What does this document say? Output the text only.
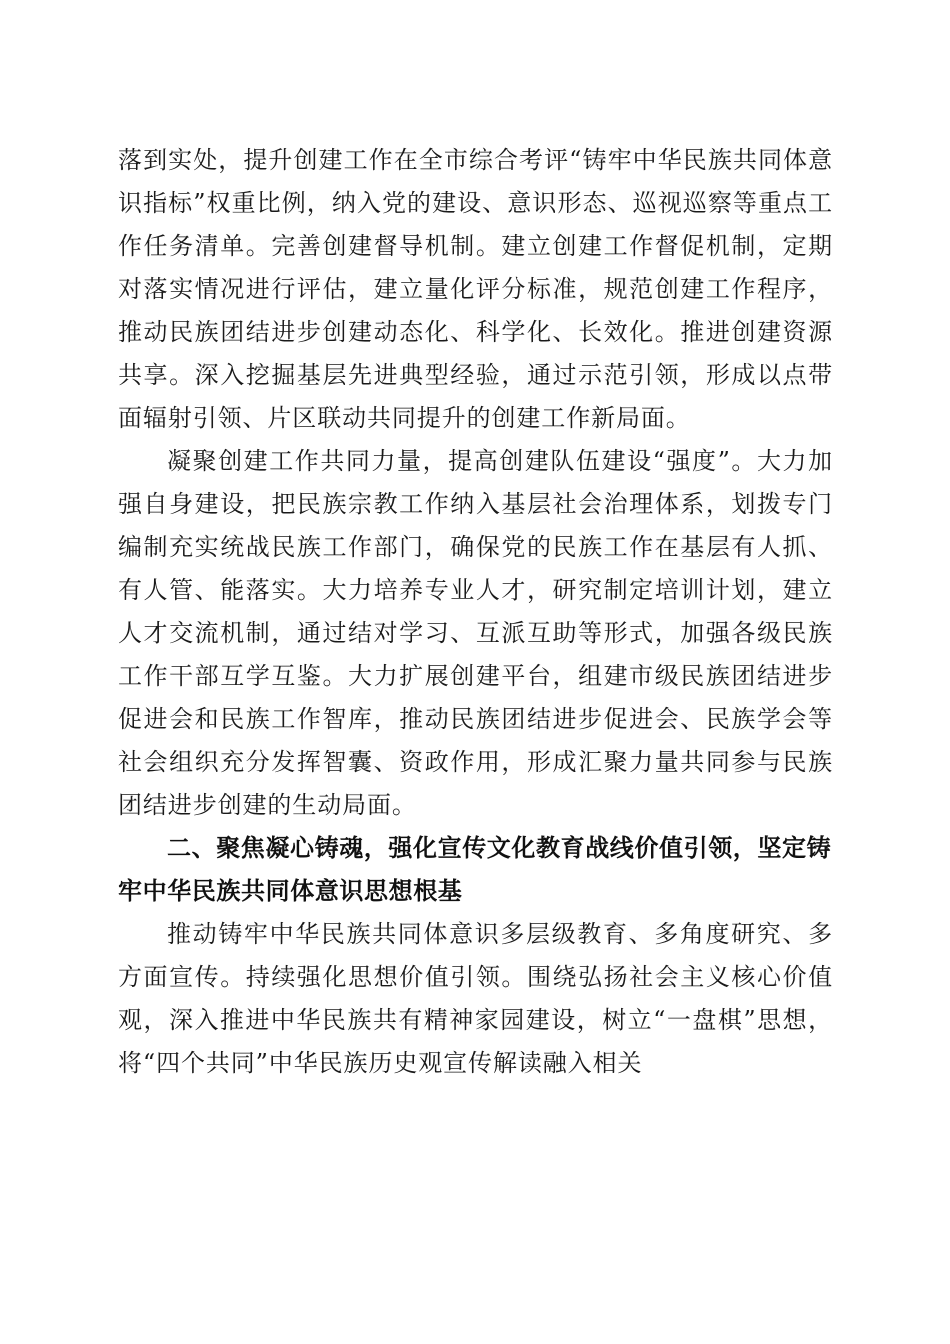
落到实处，提升创建工作在全市综合考评“铸牢中华民族共同体意识指标”权重比例，纳入党的建设、意识形态、巡视巡察等重点工作任务清单。完善创建督导机制。建立创建工作督促机制，定期对落实情况进行评估，建立量化评分标准，规范创建工作程序，推动民族团结进步创建动态化、科学化、长效化。推进创建资源共享。深入挖掘基层先进典型经验，通过示范引领，形成以点带面辐射引领、片区联动共同提升的创建工作新局面。

凝聚创建工作共同力量，提高创建队伍建设“强度”。大力加强自身建设，把民族宗教工作纳入基层社会治理体系，划拨专门编制充实统战民族工作部门，确保党的民族工作在基层有人抓、有人管、能落实。大力培养专业人才，研究制定培训计划，建立人才交流机制，通过结对学习、互派互助等形式，加强各级民族工作干部互学互鉴。大力扩展创建平台，组建市级民族团结进步促进会和民族工作智库，推动民族团结进步促进会、民族学会等社会组织充分发挥智囊、资政作用，形成汇聚力量共同参与民族团结进步创建的生动局面。

二、聚焦凝心铸魂，强化宣传文化教育战线价值引领，坚定铸牢中华民族共同体意识思想根基

推动铸牢中华民族共同体意识多层级教育、多角度研究、多方面宣传。持续强化思想价值引领。围绕弘扬社会主义核心价值观，深入推进中华民族共有精神家园建设，树立“一盘棋”思想，将“四个共同”中华民族历史观宣传解读融入相关
